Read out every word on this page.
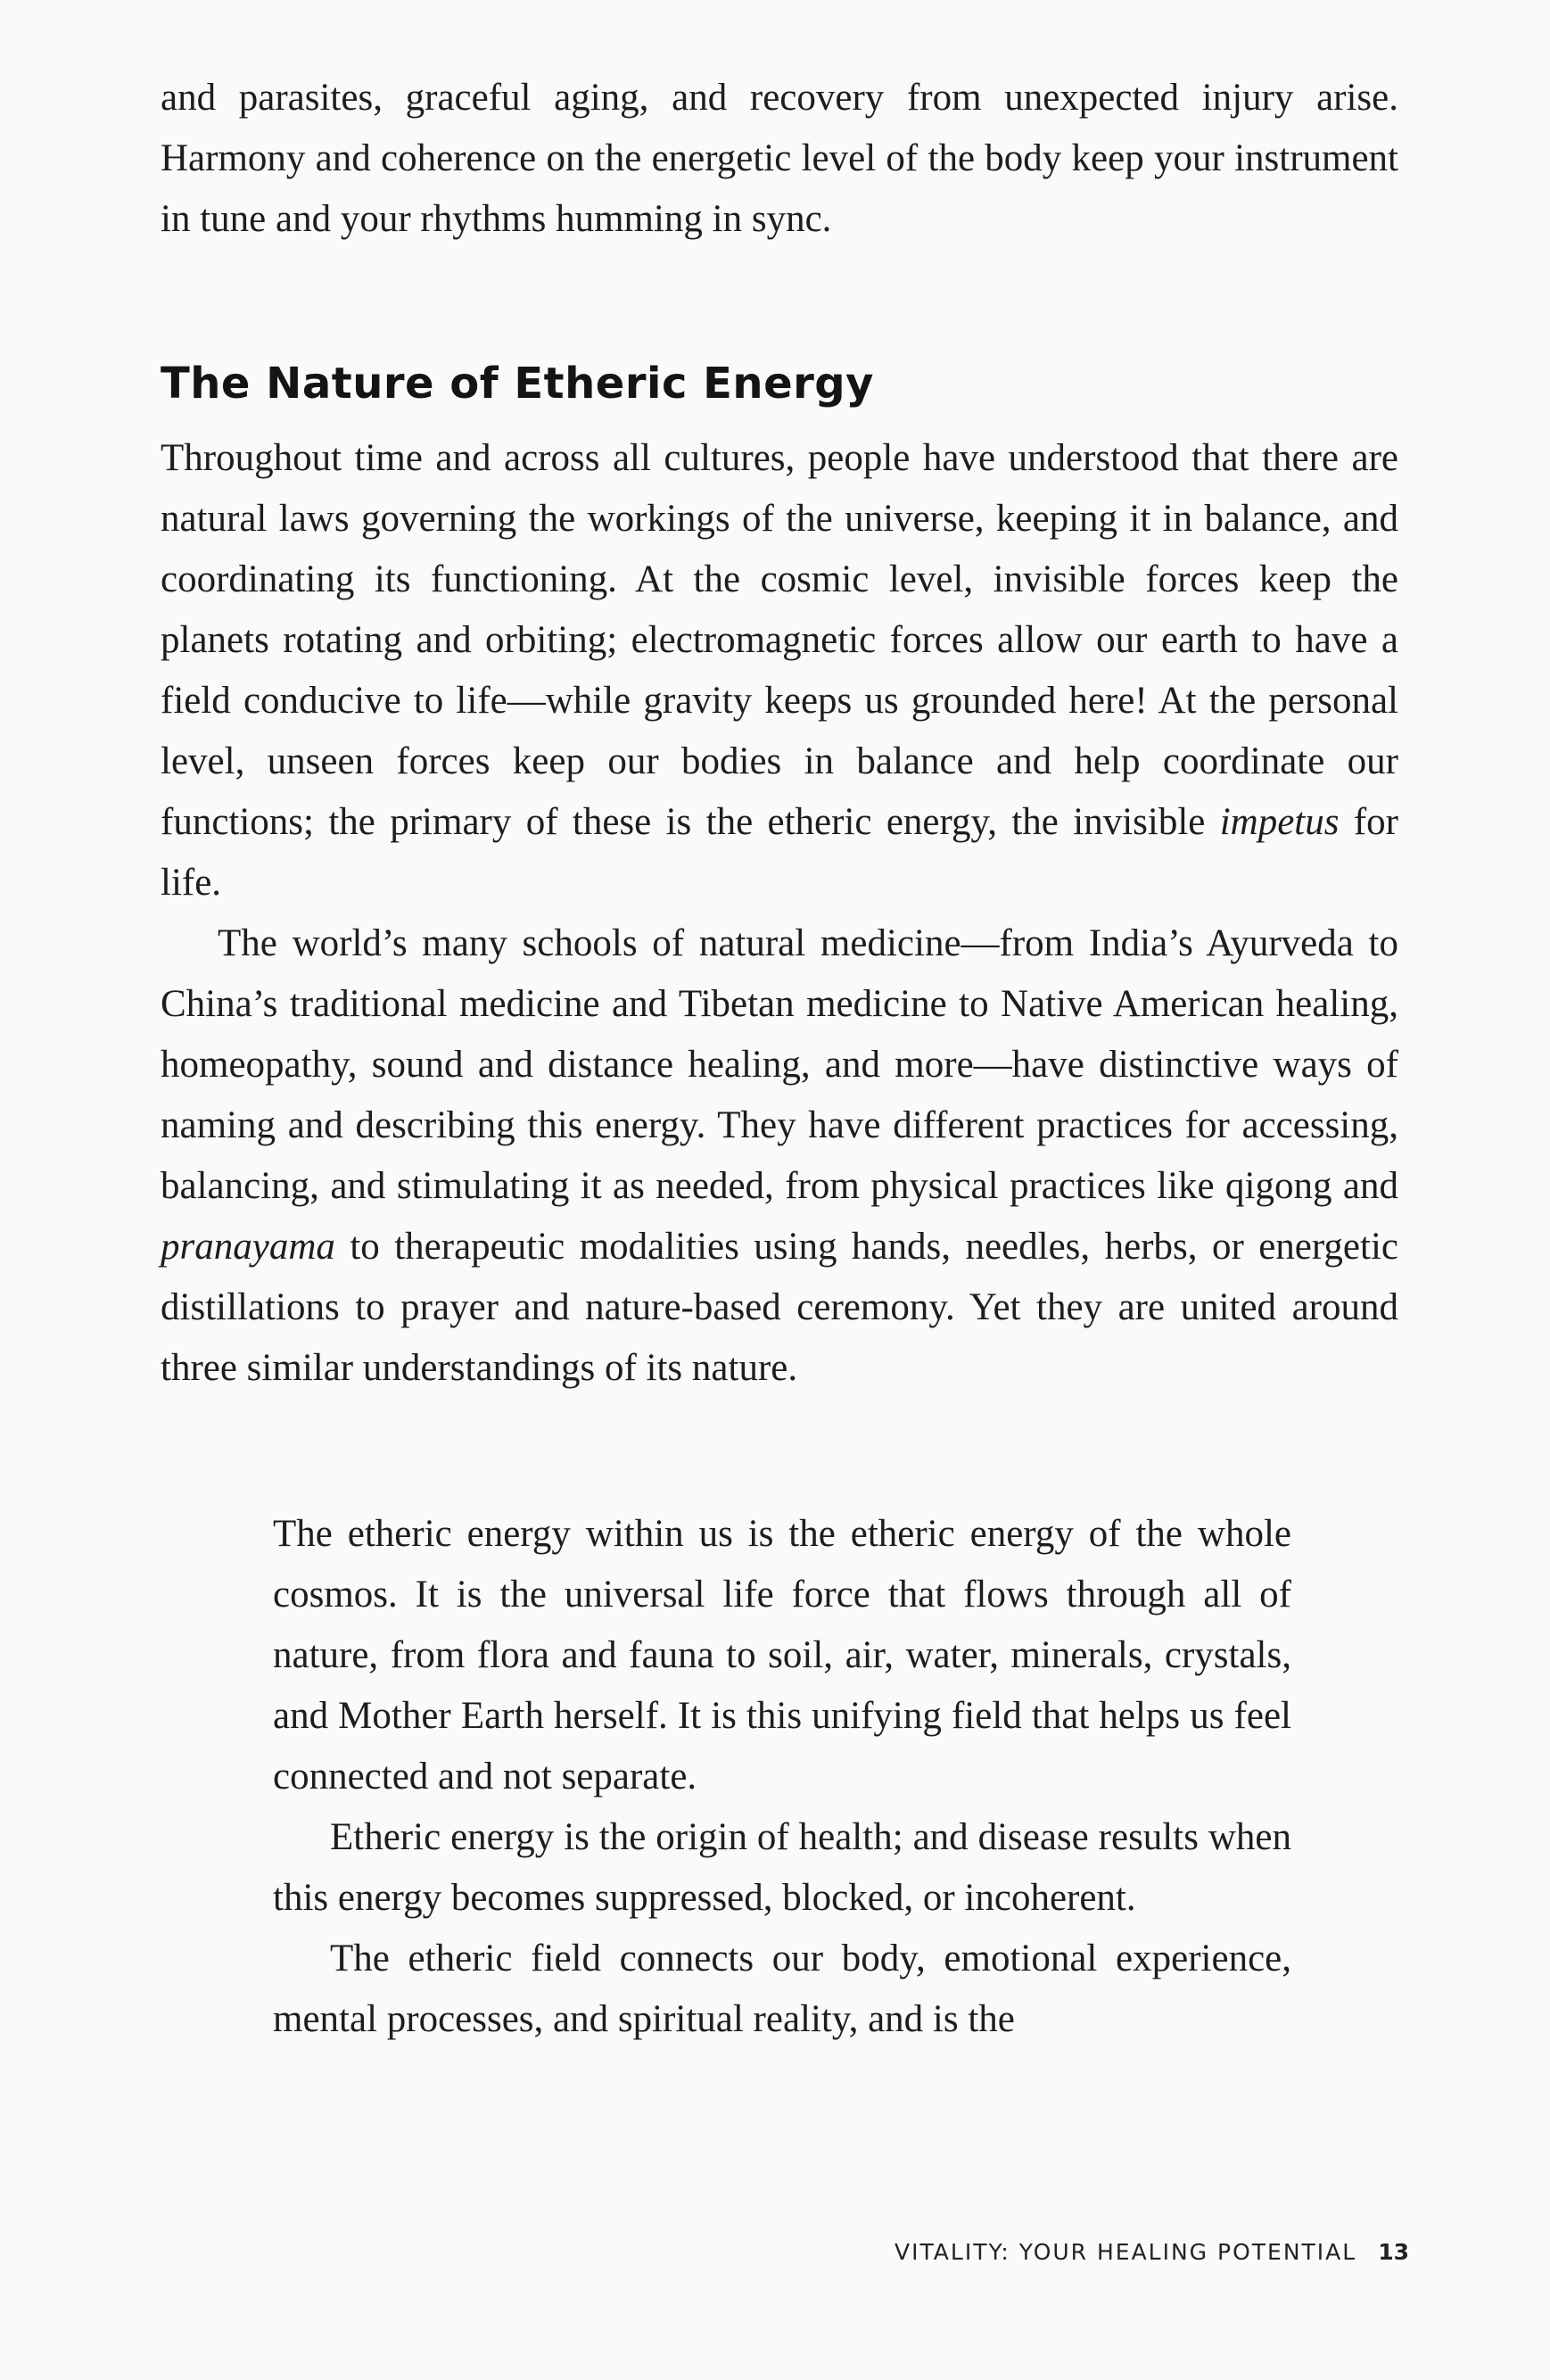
and parasites, graceful aging, and recovery from unexpected injury arise. Harmony and coherence on the energetic level of the body keep your instrument in tune and your rhythms humming in sync.

The Nature of Etheric Energy

Throughout time and across all cultures, people have understood that there are natural laws governing the workings of the universe, keeping it in balance, and coordinating its functioning. At the cosmic level, invisible forces keep the planets rotating and orbiting; electromagnetic forces allow our earth to have a field conducive to life—while gravity keeps us grounded here! At the personal level, unseen forces keep our bodies in balance and help coordinate our functions; the primary of these is the etheric energy, the invisible impetus for life.

The world’s many schools of natural medicine—from India’s Ayurveda to China’s traditional medicine and Tibetan medicine to Native American healing, homeopathy, sound and distance healing, and more—have distinctive ways of naming and describing this energy. They have different practices for accessing, balancing, and stimulating it as needed, from physical practices like qigong and pranayama to therapeutic modalities using hands, needles, herbs, or energetic distillations to prayer and nature-based ceremony. Yet they are united around three similar understandings of its nature.

The etheric energy within us is the etheric energy of the whole cosmos. It is the universal life force that flows through all of nature, from flora and fauna to soil, air, water, minerals, crystals, and Mother Earth herself. It is this unifying field that helps us feel connected and not separate.

Etheric energy is the origin of health; and disease results when this energy becomes suppressed, blocked, or incoherent.

The etheric field connects our body, emotional experience, mental processes, and spiritual reality, and is the

VITALITY: YOUR HEALING POTENTIAL 13
